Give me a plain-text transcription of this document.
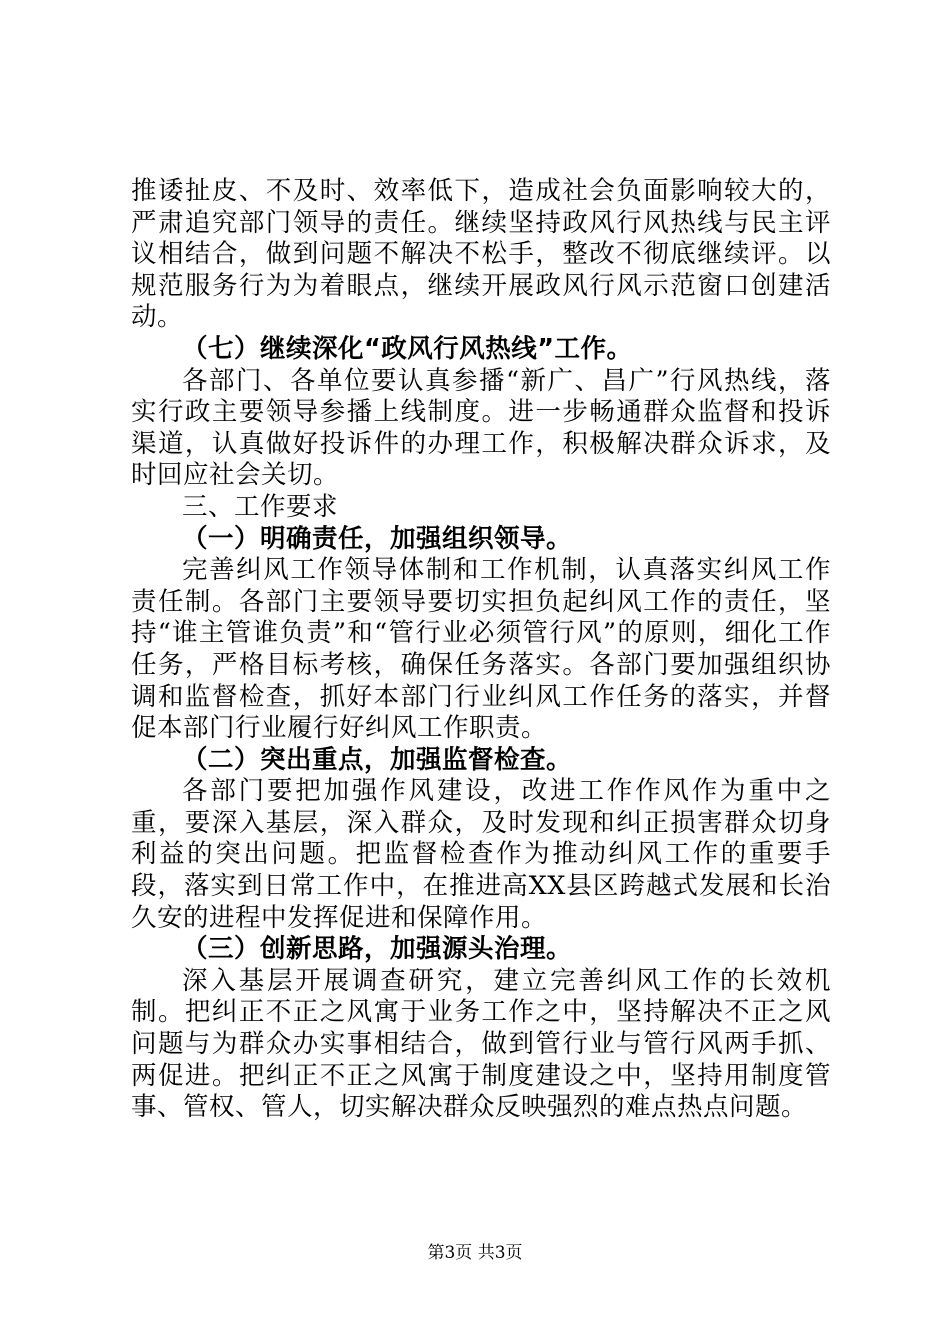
推诿扯皮、不及时、效率低下，造成社会负面影响较大的，严肃追究部门领导的责任。继续坚持政风行风热线与民主评议相结合，做到问题不解决不松手，整改不彻底继续评。以规范服务行为为着眼点，继续开展政风行风示范窗口创建活动。

（七）继续深化“政风行风热线”工作。

各部门、各单位要认真参播“新广、昌广”行风热线，落实行政主要领导参播上线制度。进一步畅通群众监督和投诉渠道，认真做好投诉件的办理工作，积极解决群众诉求，及时回应社会关切。

三、工作要求

（一）明确责任，加强组织领导。

完善纠风工作领导体制和工作机制，认真落实纠风工作责任制。各部门主要领导要切实担负起纠风工作的责任，坚持“谁主管谁负责”和“管行业必须管行风”的原则，细化工作任务，严格目标考核，确保任务落实。各部门要加强组织协调和监督检查，抓好本部门行业纠风工作任务的落实，并督促本部门行业履行好纠风工作职责。

（二）突出重点，加强监督检查。

各部门要把加强作风建设，改进工作作风作为重中之重，要深入基层，深入群众，及时发现和纠正损害群众切身利益的突出问题。把监督检查作为推动纠风工作的重要手段，落实到日常工作中，在推进高XX县区跨越式发展和长治久安的进程中发挥促进和保障作用。

（三）创新思路，加强源头治理。

深入基层开展调查研究，建立完善纠风工作的长效机制。把纠正不正之风寓于业务工作之中，坚持解决不正之风问题与为群众办实事相结合，做到管行业与管行风两手抓、两促进。把纠正不正之风寓于制度建设之中，坚持用制度管事、管权、管人，切实解决群众反映强烈的难点热点问题。

第3页 共3页
